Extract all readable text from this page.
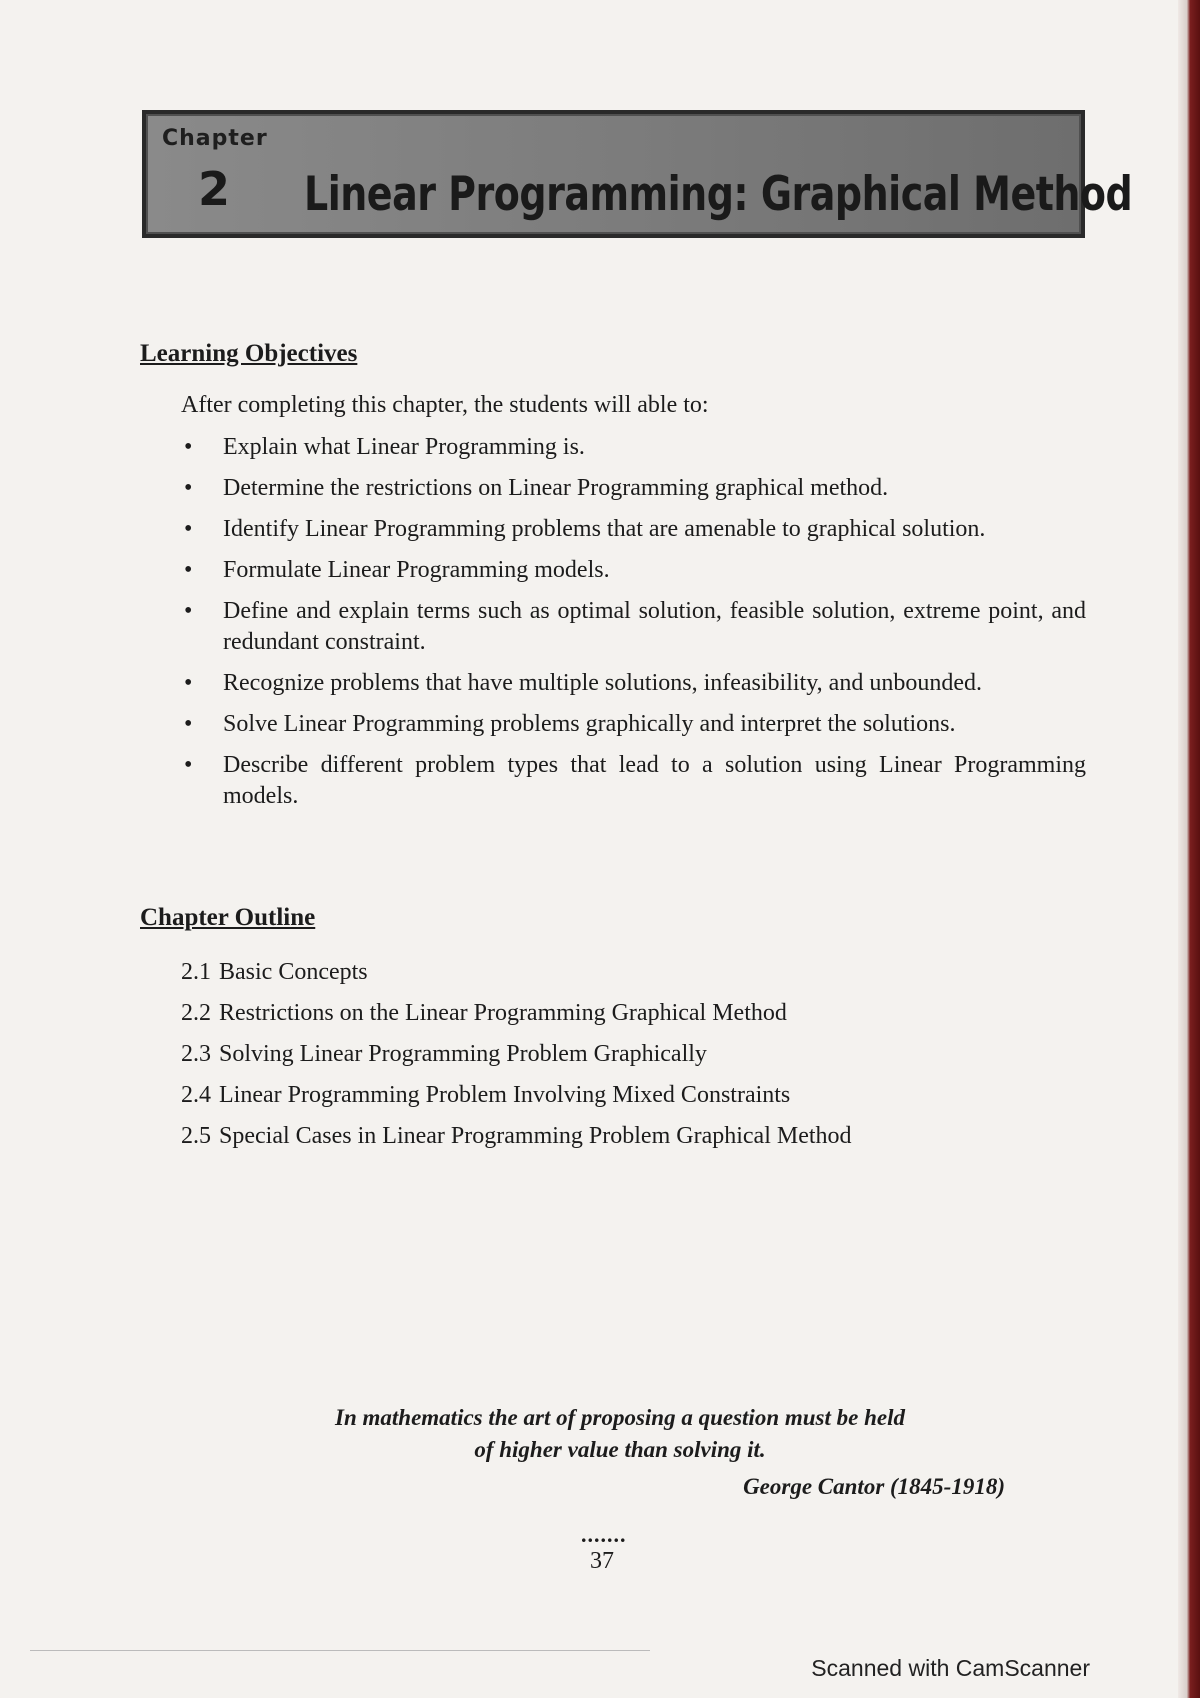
Chapter
2 Linear Programming: Graphical Method
Learning Objectives

After completing this chapter, the students will able to:

• Explain what Linear Programming is.
• Determine the restrictions on Linear Programming graphical method.
• Identify Linear Programming problems that are amenable to graphical solution.
• Formulate Linear Programming models.
• Define and explain terms such as optimal solution, feasible solution, extreme point, and redundant constraint.
• Recognize problems that have multiple solutions, infeasibility, and unbounded.
• Solve Linear Programming problems graphically and interpret the solutions.
• Describe different problem types that lead to a solution using Linear Programming models.
Chapter Outline
2.1 Basic Concepts
2.2 Restrictions on the Linear Programming Graphical Method
2.3 Solving Linear Programming Problem Graphically
2.4 Linear Programming Problem Involving Mixed Constraints
2.5 Special Cases in Linear Programming Problem Graphical Method

In mathematics the art of proposing a question must be held
of higher value than solving it.

George Cantor (1845-1918)

.......
37
Scanned with CamScanner
